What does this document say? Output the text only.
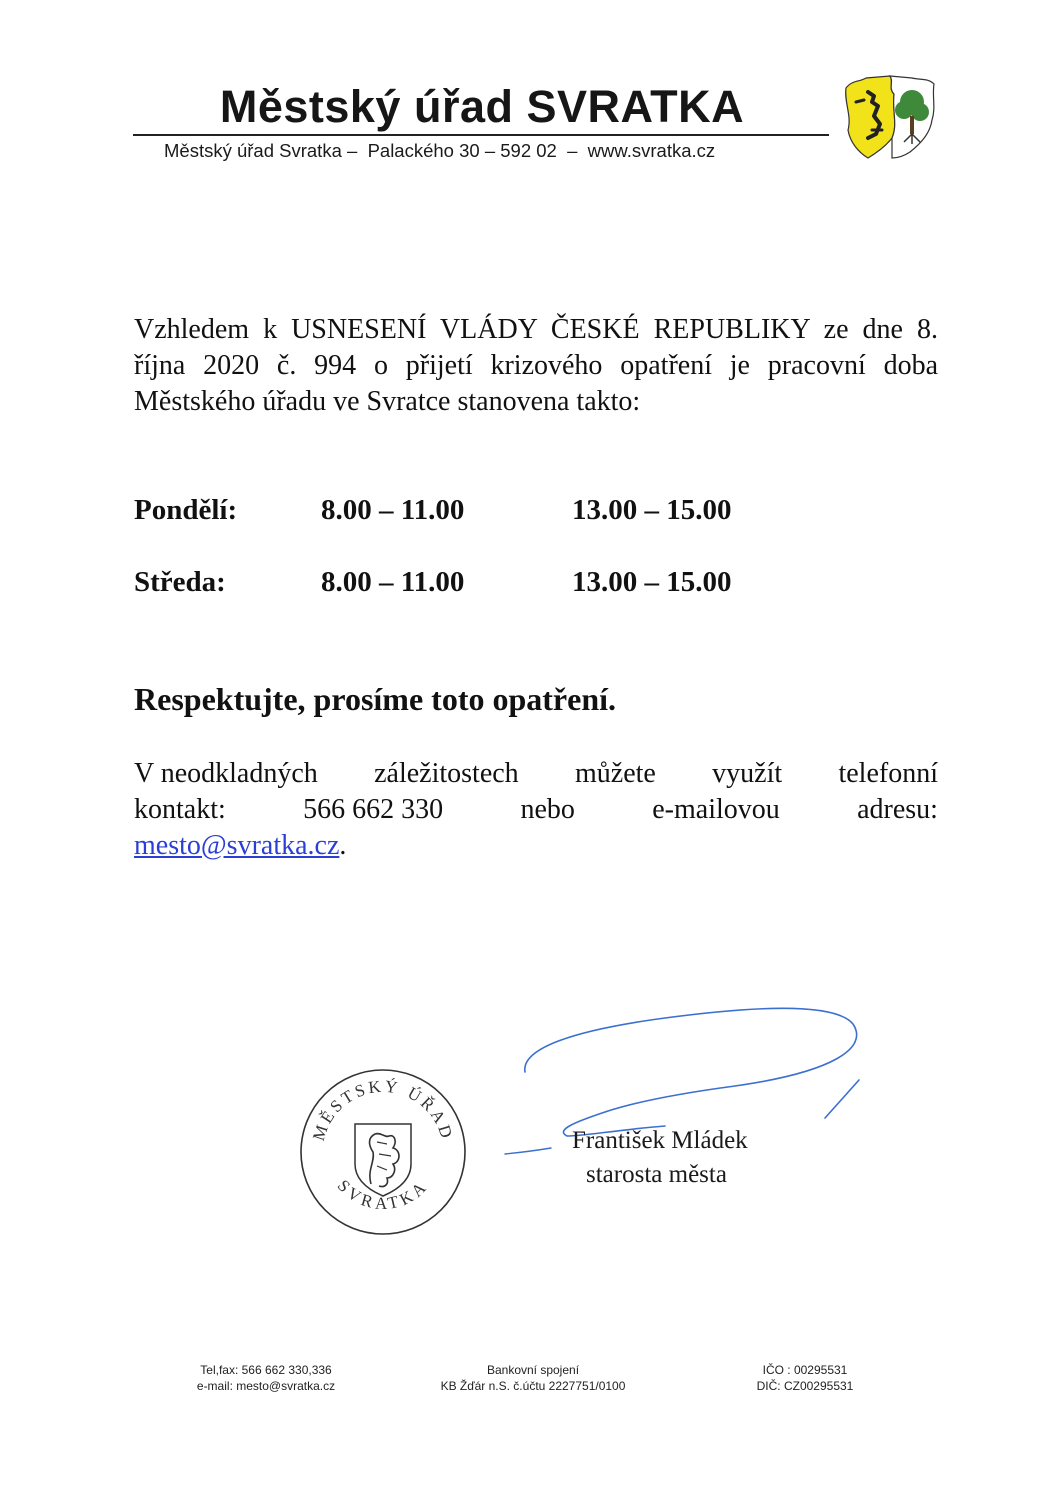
Městský úřad SVRATKA
Městský úřad Svratka –  Palackého 30 – 592 02  –  www.svratka.cz
Vzhledem k USNESENÍ VLÁDY ČESKÉ REPUBLIKY ze dne 8. října 2020 č. 994 o přijetí krizového opatření je pracovní doba Městského úřadu ve Svratce stanovena takto:
Pondělí:	8.00 – 11.00	13.00 – 15.00
Středa:	8.00 – 11.00	13.00 – 15.00
Respektujte, prosíme toto opatření.
V neodkladných záležitostech můžete využít telefonní
kontakt:	566 662 330	nebo	e-mailovou	adresu:
mesto@svratka.cz.
MĚSTSKÝ ÚŘAD
SVRATKA
František Mládek
starosta města
Tel,fax: 566 662 330,336
e-mail: mesto@svratka.cz
Bankovní spojení
KB Žďár n.S. č.účtu 2227751/0100
IČO : 00295531
DIČ: CZ00295531
